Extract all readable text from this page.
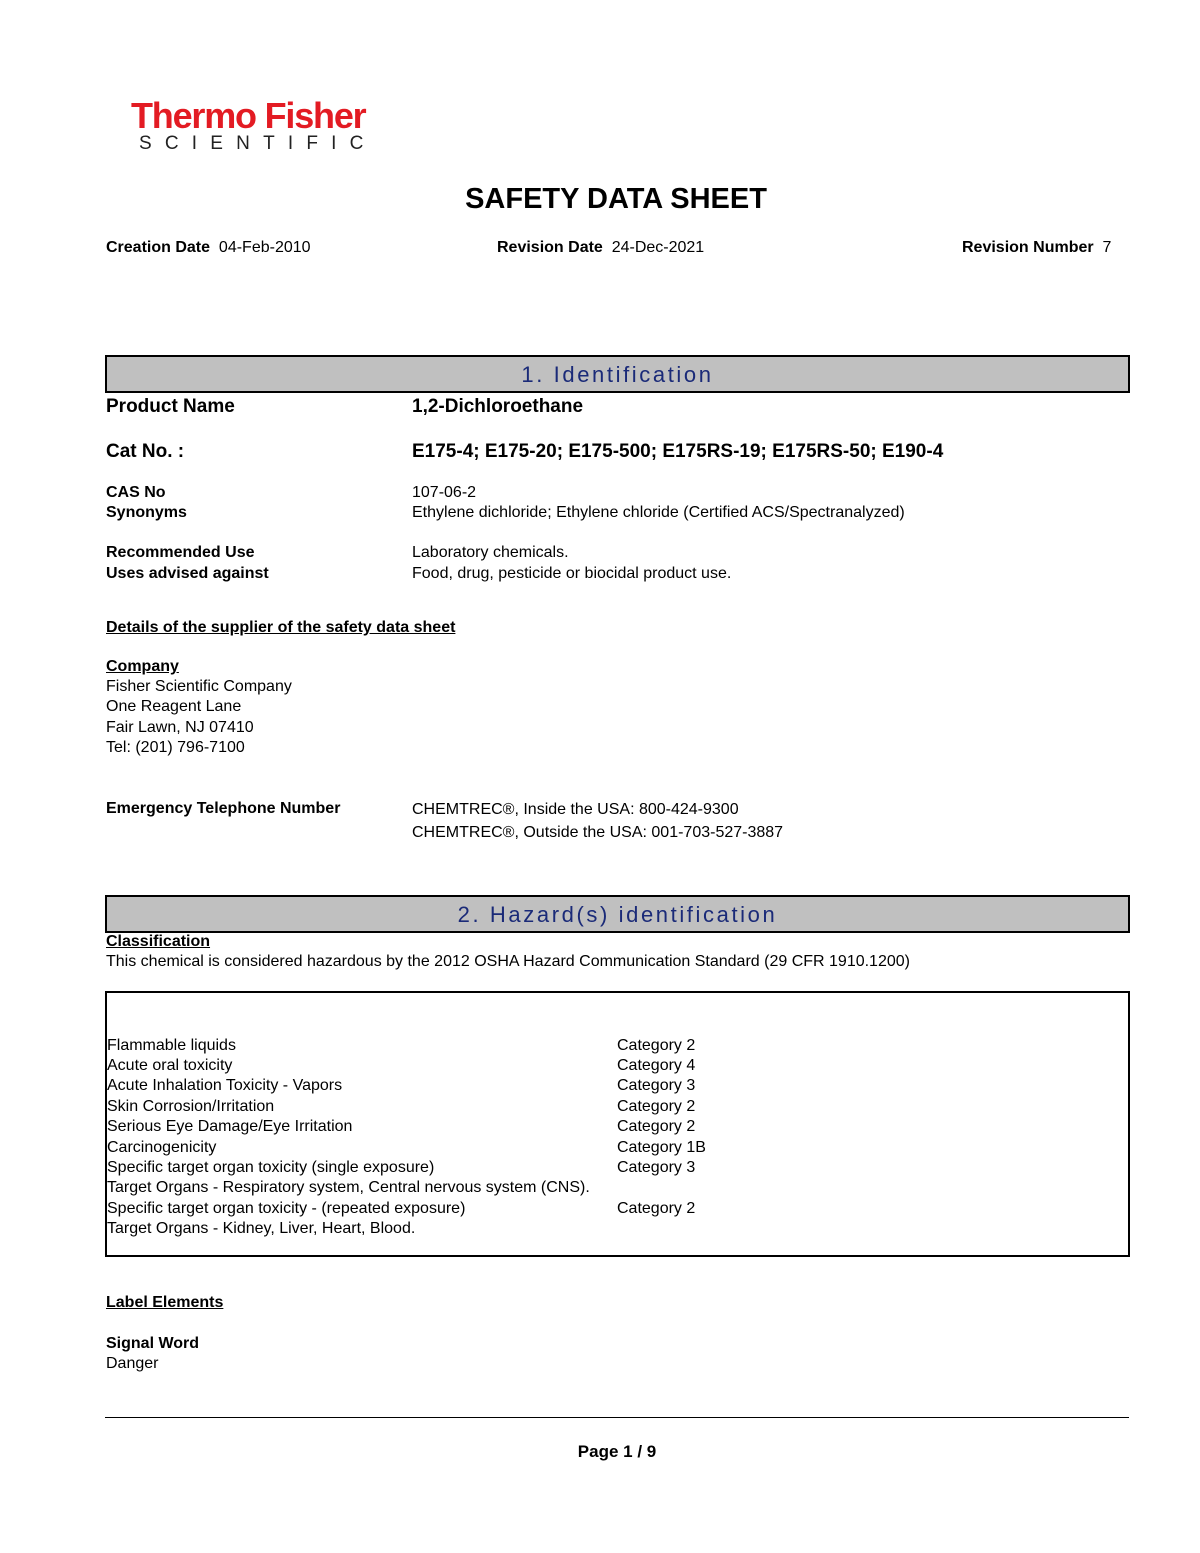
Thermo Fisher
SCIENTIFIC
SAFETY DATA SHEET
Creation Date 04-Feb-2010	Revision Date 24-Dec-2021	Revision Number 7
1. Identification
Product Name	1,2-Dichloroethane
Cat No. :	E175-4; E175-20; E175-500; E175RS-19; E175RS-50; E190-4
CAS No	107-06-2
Synonyms	Ethylene dichloride; Ethylene chloride (Certified ACS/Spectranalyzed)
Recommended Use	Laboratory chemicals.
Uses advised against	Food, drug, pesticide or biocidal product use.
Details of the supplier of the safety data sheet
Company
Fisher Scientific Company
One Reagent Lane
Fair Lawn, NJ 07410
Tel: (201) 796-7100
Emergency Telephone Number	CHEMTREC®, Inside the USA: 800-424-9300
CHEMTREC®, Outside the USA: 001-703-527-3887
2. Hazard(s) identification
Classification
This chemical is considered hazardous by the 2012 OSHA Hazard Communication Standard (29 CFR 1910.1200)
Flammable liquids	Category 2
Acute oral toxicity	Category 4
Acute Inhalation Toxicity - Vapors	Category 3
Skin Corrosion/Irritation	Category 2
Serious Eye Damage/Eye Irritation	Category 2
Carcinogenicity	Category 1B
Specific target organ toxicity (single exposure)	Category 3
Target Organs - Respiratory system, Central nervous system (CNS).
Specific target organ toxicity - (repeated exposure)	Category 2
Target Organs - Kidney, Liver, Heart, Blood.
Label Elements
Signal Word
Danger
Page 1 / 9
